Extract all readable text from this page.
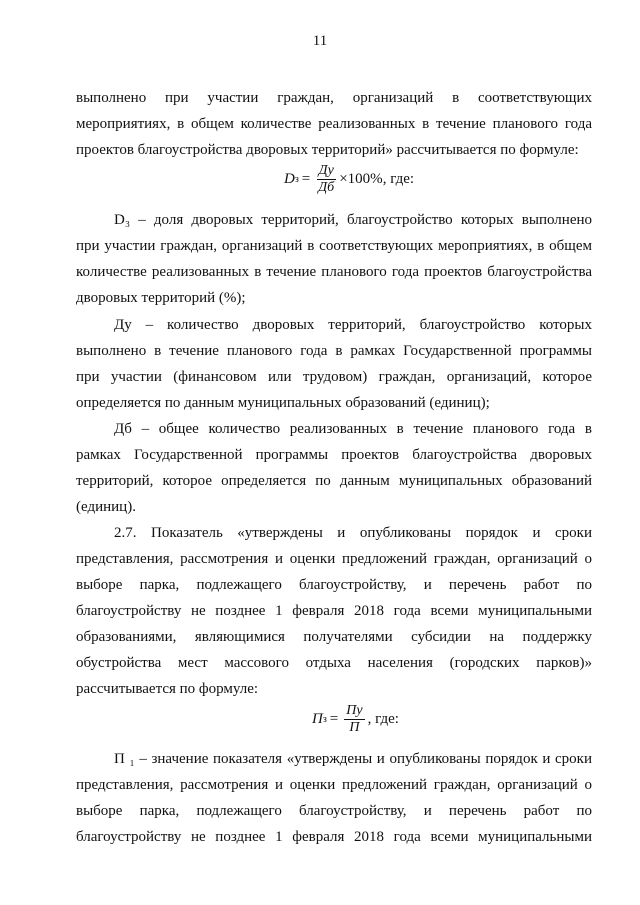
11
выполнено при участии граждан, организаций в соответствующих
мероприятиях, в общем количестве реализованных в течение планового года
проектов благоустройства дворовых территорий» рассчитывается по формуле:
D $з = \frac{Ду}{Дб} \times 100\%$ , где:
D₃ – доля дворовых территорий, благоустройство которых выполнено
при участии граждан, организаций в соответствующих мероприятиях, в общем
количестве реализованных в течение планового года проектов благоустройства
дворовых территорий (%);
Ду – количество дворовых территорий, благоустройство которых
выполнено в течение планового года в рамках Государственной программы
при участии (финансовом или трудовом) граждан, организаций, которое
определяется по данным муниципальных образований (единиц);
Дб – общее количество реализованных в течение планового года в
рамках Государственной программы проектов благоустройства дворовых
территорий, которое определяется по данным муниципальных образований
(единиц).
2.7. Показатель «утверждены и опубликованы порядок и сроки
представления, рассмотрения и оценки предложений граждан, организаций о
выборе парка, подлежащего благоустройству, и перечень работ по
благоустройству не позднее 1 февраля 2018 года всеми муниципальными
образованиями, являющимися получателями субсидии на поддержку
обустройства мест массового отдыха населения (городских парков)»
рассчитывается по формуле:
П $з = \frac{Пу}{П}$ , где:
П ₁ – значение показателя «утверждены и опубликованы порядок и сроки
представления, рассмотрения и оценки предложений граждан, организаций о
выборе парка, подлежащего благоустройству, и перечень работ по
благоустройству не позднее 1 февраля 2018 года всеми муниципальными
